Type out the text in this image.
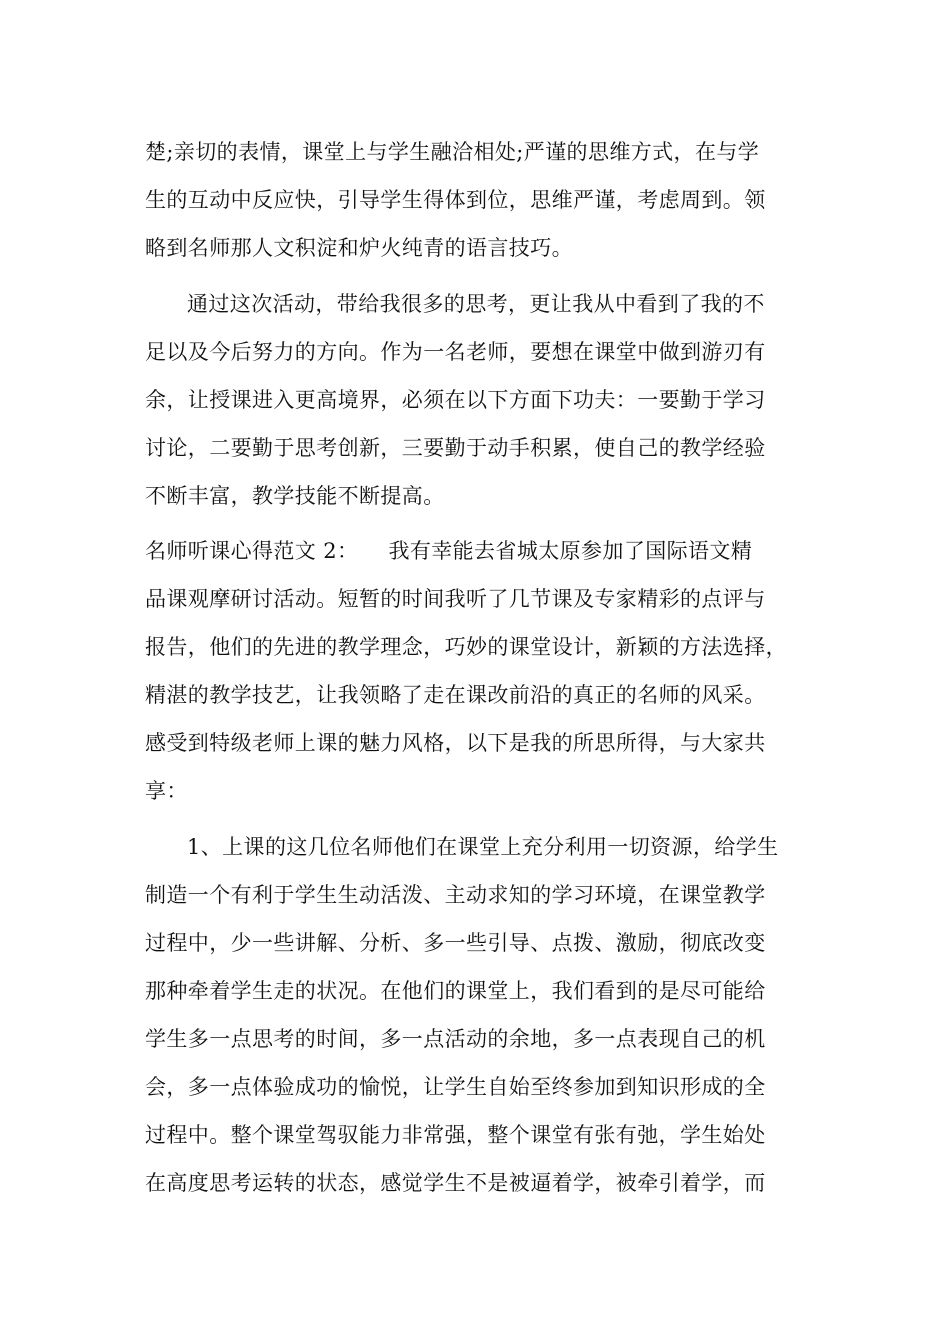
楚;亲切的表情，课堂上与学生融洽相处;严谨的思维方式，在与学
生的互动中反应快，引导学生得体到位，思维严谨，考虑周到。领
略到名师那人文积淀和炉火纯青的语言技巧。
通过这次活动，带给我很多的思考，更让我从中看到了我的不
足以及今后努力的方向。作为一名老师，要想在课堂中做到游刃有
余，让授课进入更高境界，必须在以下方面下功夫：一要勤于学习
讨论，二要勤于思考创新，三要勤于动手积累，使自己的教学经验
不断丰富，教学技能不断提高。
名师听课心得范文 2： 我有幸能去省城太原参加了国际语文精
品课观摩研讨活动。短暂的时间我听了几节课及专家精彩的点评与
报告，他们的先进的教学理念，巧妙的课堂设计，新颖的方法选择，
精湛的教学技艺，让我领略了走在课改前沿的真正的名师的风采。
感受到特级老师上课的魅力风格，以下是我的所思所得，与大家共
享：
1、上课的这几位名师他们在课堂上充分利用一切资源，给学生
制造一个有利于学生生动活泼、主动求知的学习环境，在课堂教学
过程中，少一些讲解、分析、多一些引导、点拨、激励，彻底改变
那种牵着学生走的状况。在他们的课堂上，我们看到的是尽可能给
学生多一点思考的时间，多一点活动的余地，多一点表现自己的机
会，多一点体验成功的愉悦，让学生自始至终参加到知识形成的全
过程中。整个课堂驾驭能力非常强，整个课堂有张有弛，学生始处
在高度思考运转的状态，感觉学生不是被逼着学，被牵引着学，而
